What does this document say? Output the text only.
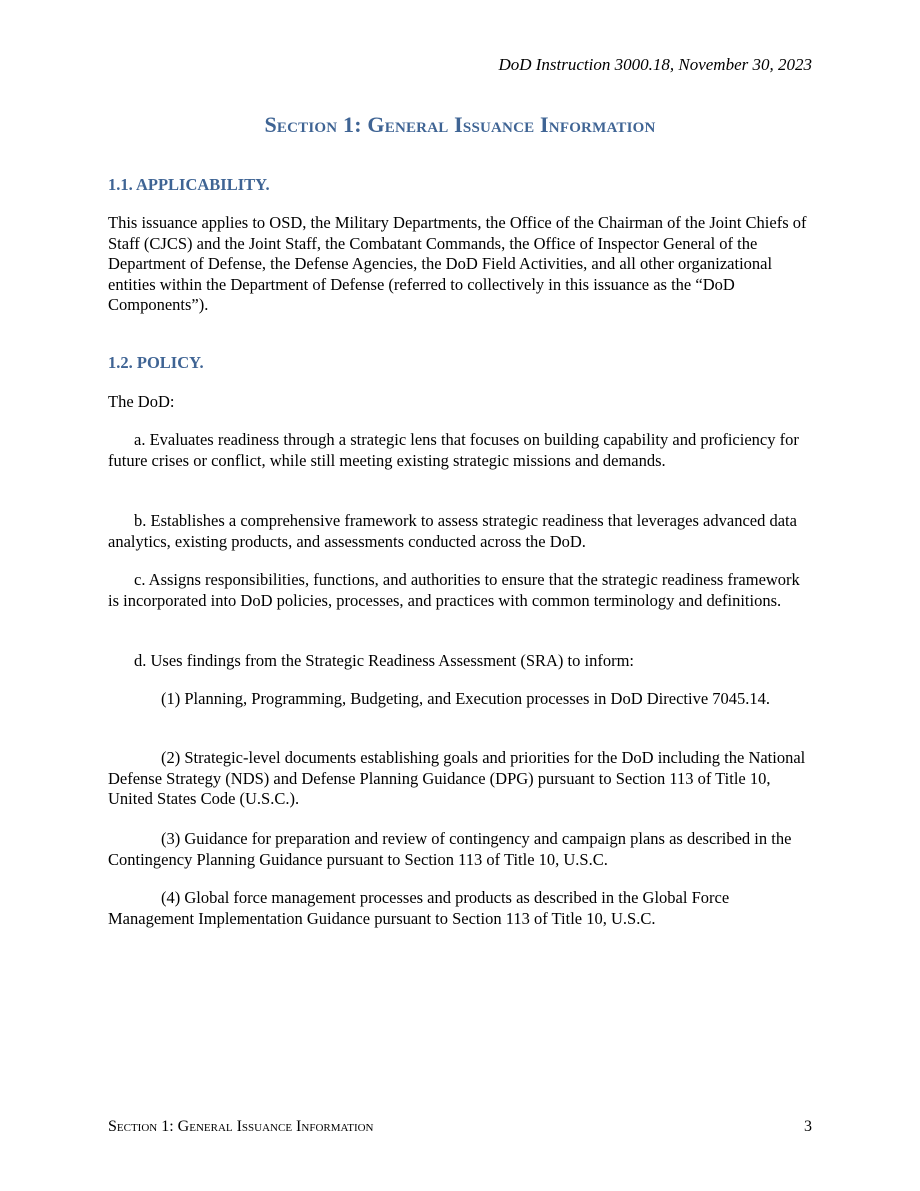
DoD Instruction 3000.18, November 30, 2023
Section 1: General Issuance Information
1.1. APPLICABILITY.

This issuance applies to OSD, the Military Departments, the Office of the Chairman of the Joint Chiefs of Staff (CJCS) and the Joint Staff, the Combatant Commands, the Office of Inspector General of the Department of Defense, the Defense Agencies, the DoD Field Activities, and all other organizational entities within the Department of Defense (referred to collectively in this issuance as the “DoD Components”).

1.2. POLICY.

The DoD:

a. Evaluates readiness through a strategic lens that focuses on building capability and proficiency for future crises or conflict, while still meeting existing strategic missions and demands.

b. Establishes a comprehensive framework to assess strategic readiness that leverages advanced data analytics, existing products, and assessments conducted across the DoD.

c. Assigns responsibilities, functions, and authorities to ensure that the strategic readiness framework is incorporated into DoD policies, processes, and practices with common terminology and definitions.

d. Uses findings from the Strategic Readiness Assessment (SRA) to inform:

(1) Planning, Programming, Budgeting, and Execution processes in DoD Directive 7045.14.

(2) Strategic-level documents establishing goals and priorities for the DoD including the National Defense Strategy (NDS) and Defense Planning Guidance (DPG) pursuant to Section 113 of Title 10, United States Code (U.S.C.).

(3) Guidance for preparation and review of contingency and campaign plans as described in the Contingency Planning Guidance pursuant to Section 113 of Title 10, U.S.C.

(4) Global force management processes and products as described in the Global Force Management Implementation Guidance pursuant to Section 113 of Title 10, U.S.C.

Section 1: General Issuance Information	3
